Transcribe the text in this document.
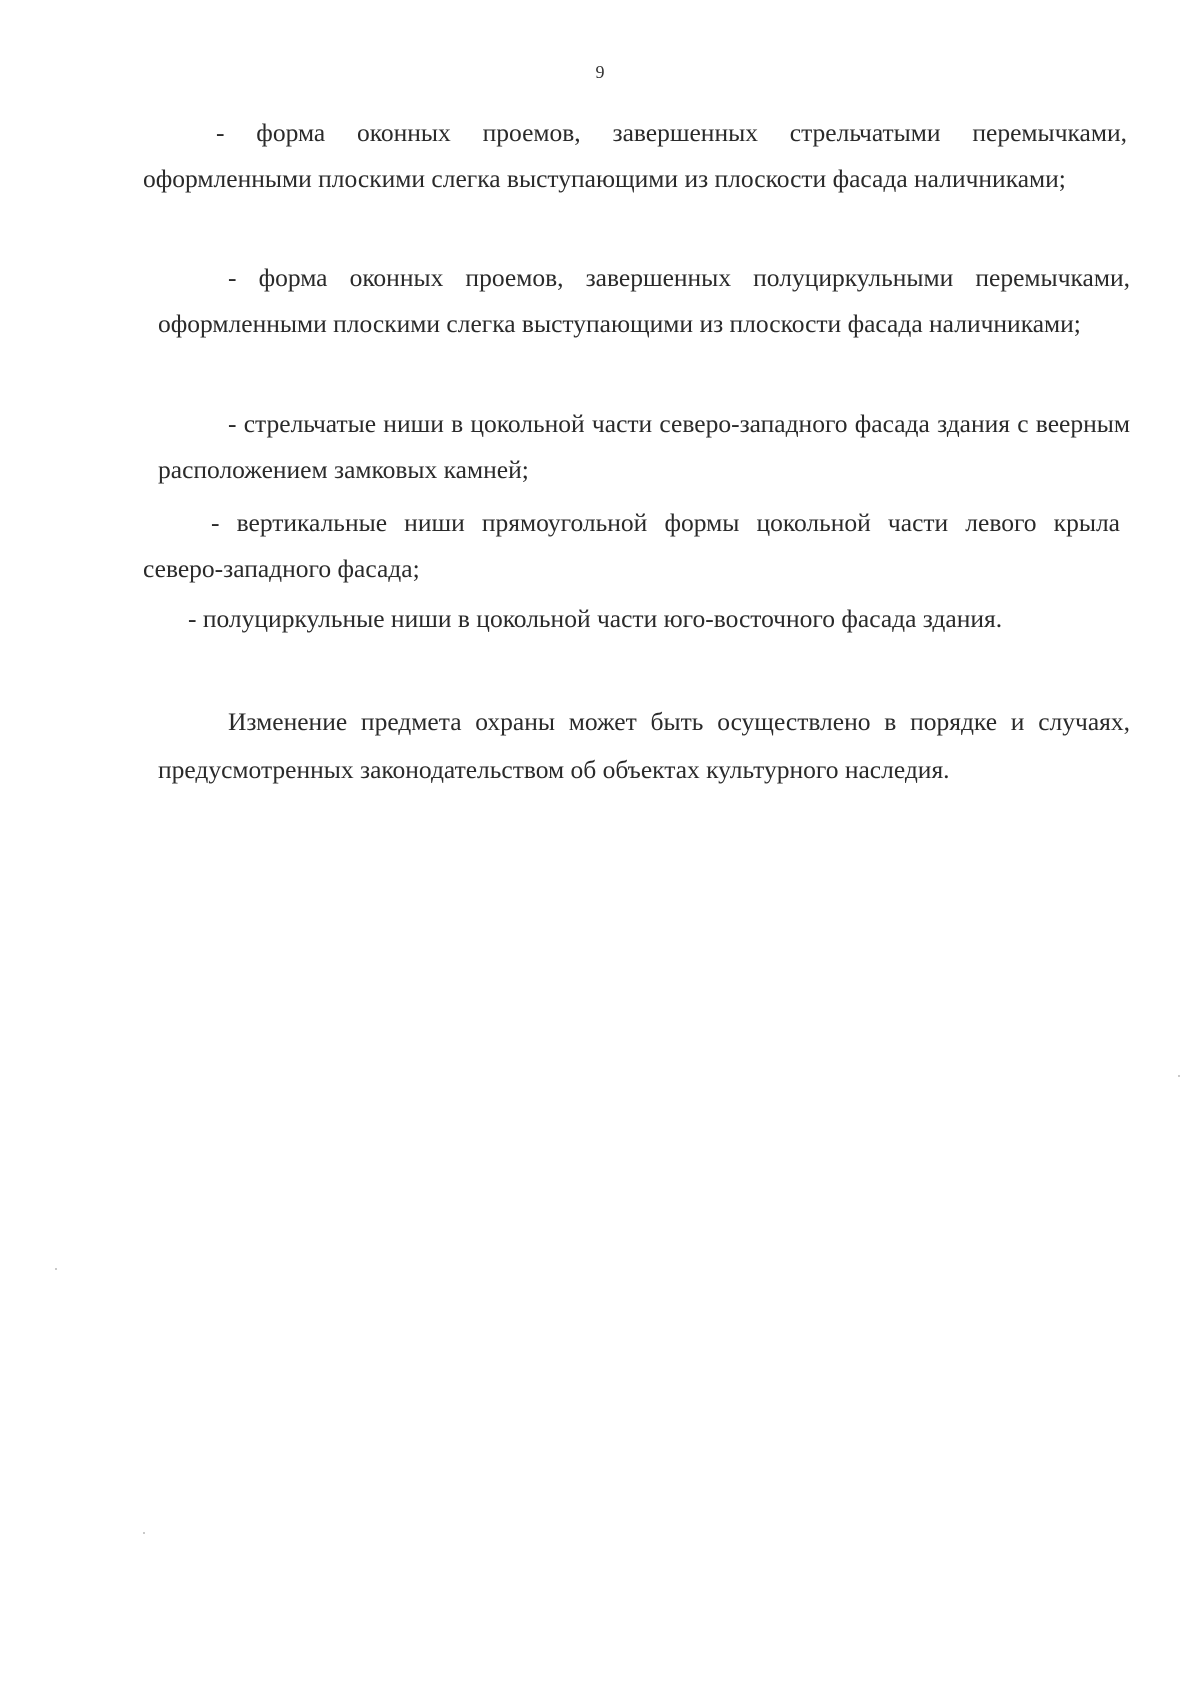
9

- форма оконных проемов, завершенных стрельчатыми перемычками, оформленными плоскими слегка выступающими из плоскости фасада наличниками;

- форма оконных проемов, завершенных полуциркульными перемычками, оформленными плоскими слегка выступающими из плоскости фасада наличниками;

- стрельчатые ниши в цокольной части северо-западного фасада здания с веерным расположением замковых камней;

- вертикальные ниши прямоугольной формы цокольной части левого крыла северо-западного фасада;

- полуциркульные ниши в цокольной части юго-восточного фасада здания.

Изменение предмета охраны может быть осуществлено в порядке и случаях, предусмотренных законодательством об объектах культурного наследия.
